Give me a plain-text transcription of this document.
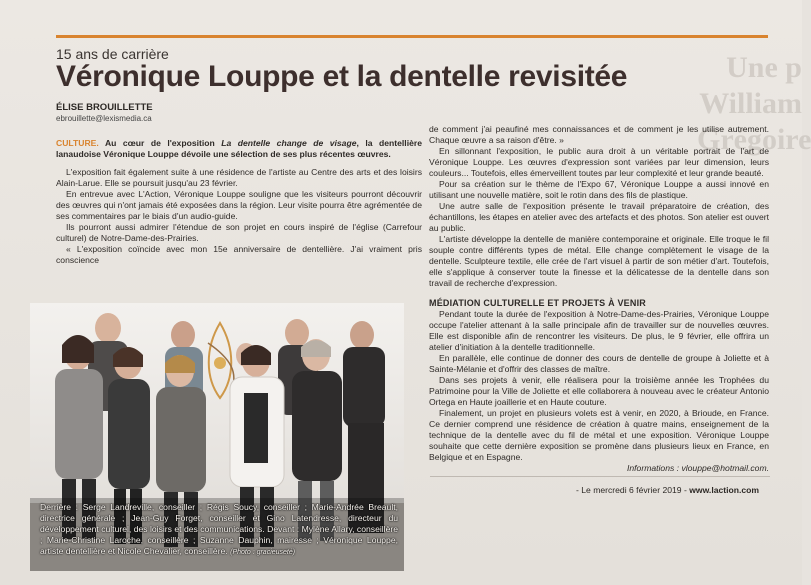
Une p
William Grégoire
15 ans de carrière
Véronique Louppe et la dentelle revisitée
ÉLISE BROUILLETTE
ebrouillette@lexismedia.ca

CULTURE. Au cœur de l'exposition La dentelle change de visage, la dentellière lanaudoise Véronique Louppe dévoile une sélection de ses plus récentes œuvres.

L'exposition fait également suite à une résidence de l'artiste au Centre des arts et des loisirs Alain-Larue. Elle se poursuit jusqu'au 23 février.

En entrevue avec L'Action, Véronique Louppe souligne que les visiteurs pourront découvrir des œuvres qui n'ont jamais été exposées dans la région. Leur visite pourra être agrémentée de ses commentaires par le biais d'un audio-guide.

Ils pourront aussi admirer l'étendue de son projet en cours inspiré de l'église (Carrefour culturel) de Notre-Dame-des-Prairies.

« L'exposition coïncide avec mon 15e anniversaire de dentellière. J'ai vraiment pris conscience

de comment j'ai peaufiné mes connaissances et de comment je les utilise autrement. Chaque œuvre a sa raison d'être. »

En sillonnant l'exposition, le public aura droit à un véritable portrait de l'art de Véronique Louppe. Les œuvres d'expression sont variées par leur dimension, leurs couleurs... Toutefois, elles émerveillent toutes par leur complexité et leur grande beauté.

Pour sa création sur le thème de l'Expo 67, Véronique Louppe a aussi innové en utilisant une nouvelle matière, soit le rotin dans des fils de plastique.

Une autre salle de l'exposition présente le travail préparatoire de création, des échantillons, les étapes en atelier avec des artefacts et des photos. Son atelier est ouvert au public.

L'artiste développe la dentelle de manière contemporaine et originale. Elle troque le fil souple contre différents types de métal. Elle change complètement le visage de la dentelle. Sculpteure textile, elle crée de l'art visuel à partir de son métier d'art. Toutefois, elle s'applique à conserver toute la finesse et la délicatesse de la dentelle dans son travail de recherche d'expression.

MÉDIATION CULTURELLE ET PROJETS À VENIR

Pendant toute la durée de l'exposition à Notre-Dame-des-Prairies, Véronique Louppe occupe l'atelier attenant à la salle principale afin de travailler sur de nouvelles œuvres. Elle est disponible afin de rencontrer les visiteurs. De plus, le 9 février, elle offrira un atelier d'initiation à la dentelle traditionnelle.

En parallèle, elle continue de donner des cours de dentelle de groupe à Joliette et à Sainte-Mélanie et d'offrir des classes de maître.

Dans ses projets à venir, elle réalisera pour la troisième année les Trophées du Patrimoine pour la Ville de Joliette et elle collaborera à nouveau avec le créateur Antonio Ortega en Haute joaillerie et en Haute couture.

Finalement, un projet en plusieurs volets est à venir, en 2020, à Brioude, en France. Ce dernier comprend une résidence de création à quatre mains, enseignement de la technique de la dentelle avec du fil de métal et une exposition. Véronique Louppe souhaite que cette dernière exposition se promène dans plusieurs lieux en France, en Belgique et en Espagne.

Informations : vlouppe@hotmail.com.

- Le mercredi 6 février 2019 - www.laction.com
Derrière : Serge Landreville, conseiller ; Régis Soucy, conseiller ; Marie-Andrée Breault, directrice générale ; Jean-Guy Forget, conseiller et Gino Latendresse, directeur du développement culturel, des loisirs et des communications. Devant : Mylène Allary, conseillère ; Marie-Christine Laroche, conseillère ; Suzanne Dauphin, mairesse ; Véronique Louppe, artiste dentellière et Nicole Chevalier, conseillère. (Photo : gracieuseté)
